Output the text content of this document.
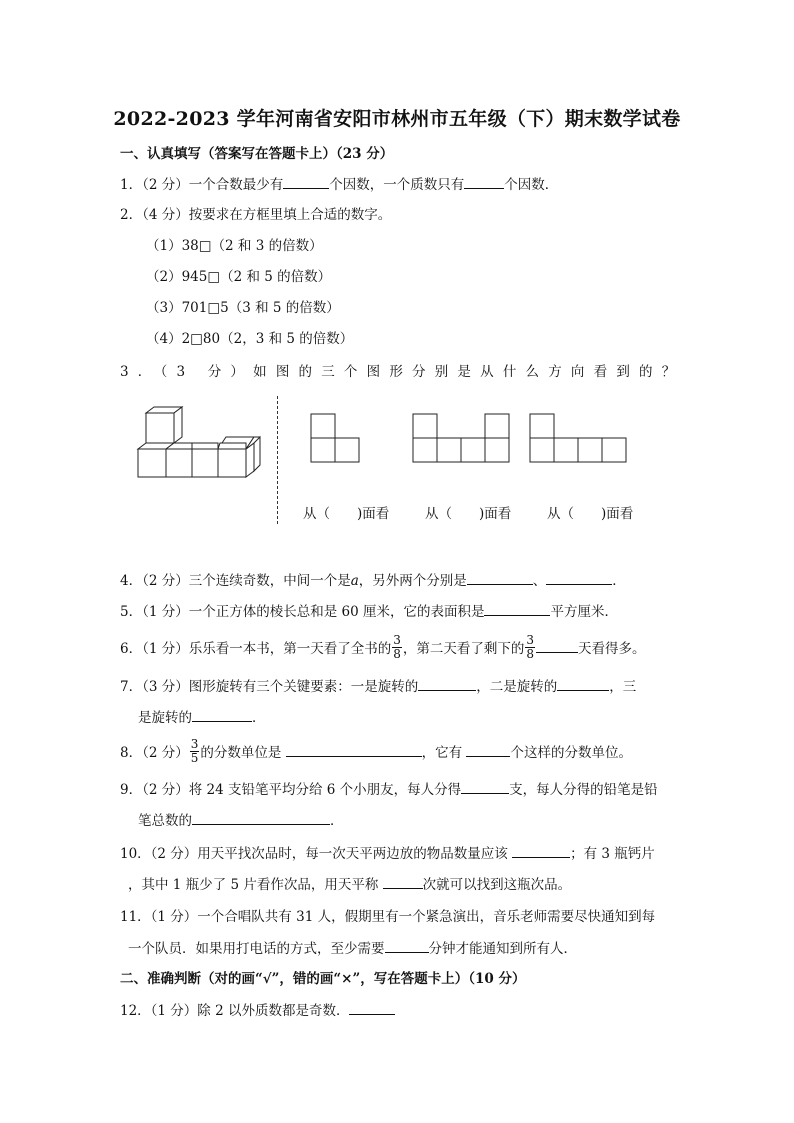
2022-2023 学年河南省安阳市林州市五年级（下）期末数学试卷
一、认真填写（答案写在答题卡上）（23 分）
1．（2 分）一个合数最少有	个因数，一个质数只有	个因数．
2．（4 分）按要求在方框里填上合适的数字。
（1）38□（2 和 3 的倍数）
（2）945□（2 和 5 的倍数）
（3）701□5（3 和 5 的倍数）
（4）2□80（2，3 和 5 的倍数）
3．（3 分）如图的三个图形分别是从什么方向看到的？
从（　　)面看	从（　　)面看	从（　　)面看
4．（2 分）三个连续奇数，中间一个是a，另外两个分别是	、	．
5．（1 分）一个正方体的棱长总和是 60 厘米，它的表面积是	平方厘米．
6．（1 分）乐乐看一本书，第一天看了全书的 $\frac{3}{8}$ ，第二天看了剩下的 $\frac{3}{8}$	天看得多。
7．（3 分）图形旋转有三个关键要素：一是旋转的	，二是旋转的	，三
是旋转的	．
8．（2 分） $\frac{3}{5}$ 的分数单位是	，它有	个这样的分数单位。
9．（2 分）将 24 支铅笔平均分给 6 个小朋友，每人分得	支，每人分得的铅笔是铅
笔总数的	．
10．（2 分）用天平找次品时，每一次天平两边放的物品数量应该	；有 3 瓶钙片
，其中 1 瓶少了 5 片看作次品，用天平称	次就可以找到这瓶次品。
11．（1 分）一个合唱队共有 31 人，假期里有一个紧急演出，音乐老师需要尽快通知到每
一个队员．如果用打电话的方式，至少需要	分钟才能通知到所有人．
二、准确判断（对的画“√”，错的画“×”，写在答题卡上）（10 分）
12．（1 分）除 2 以外质数都是奇数．
